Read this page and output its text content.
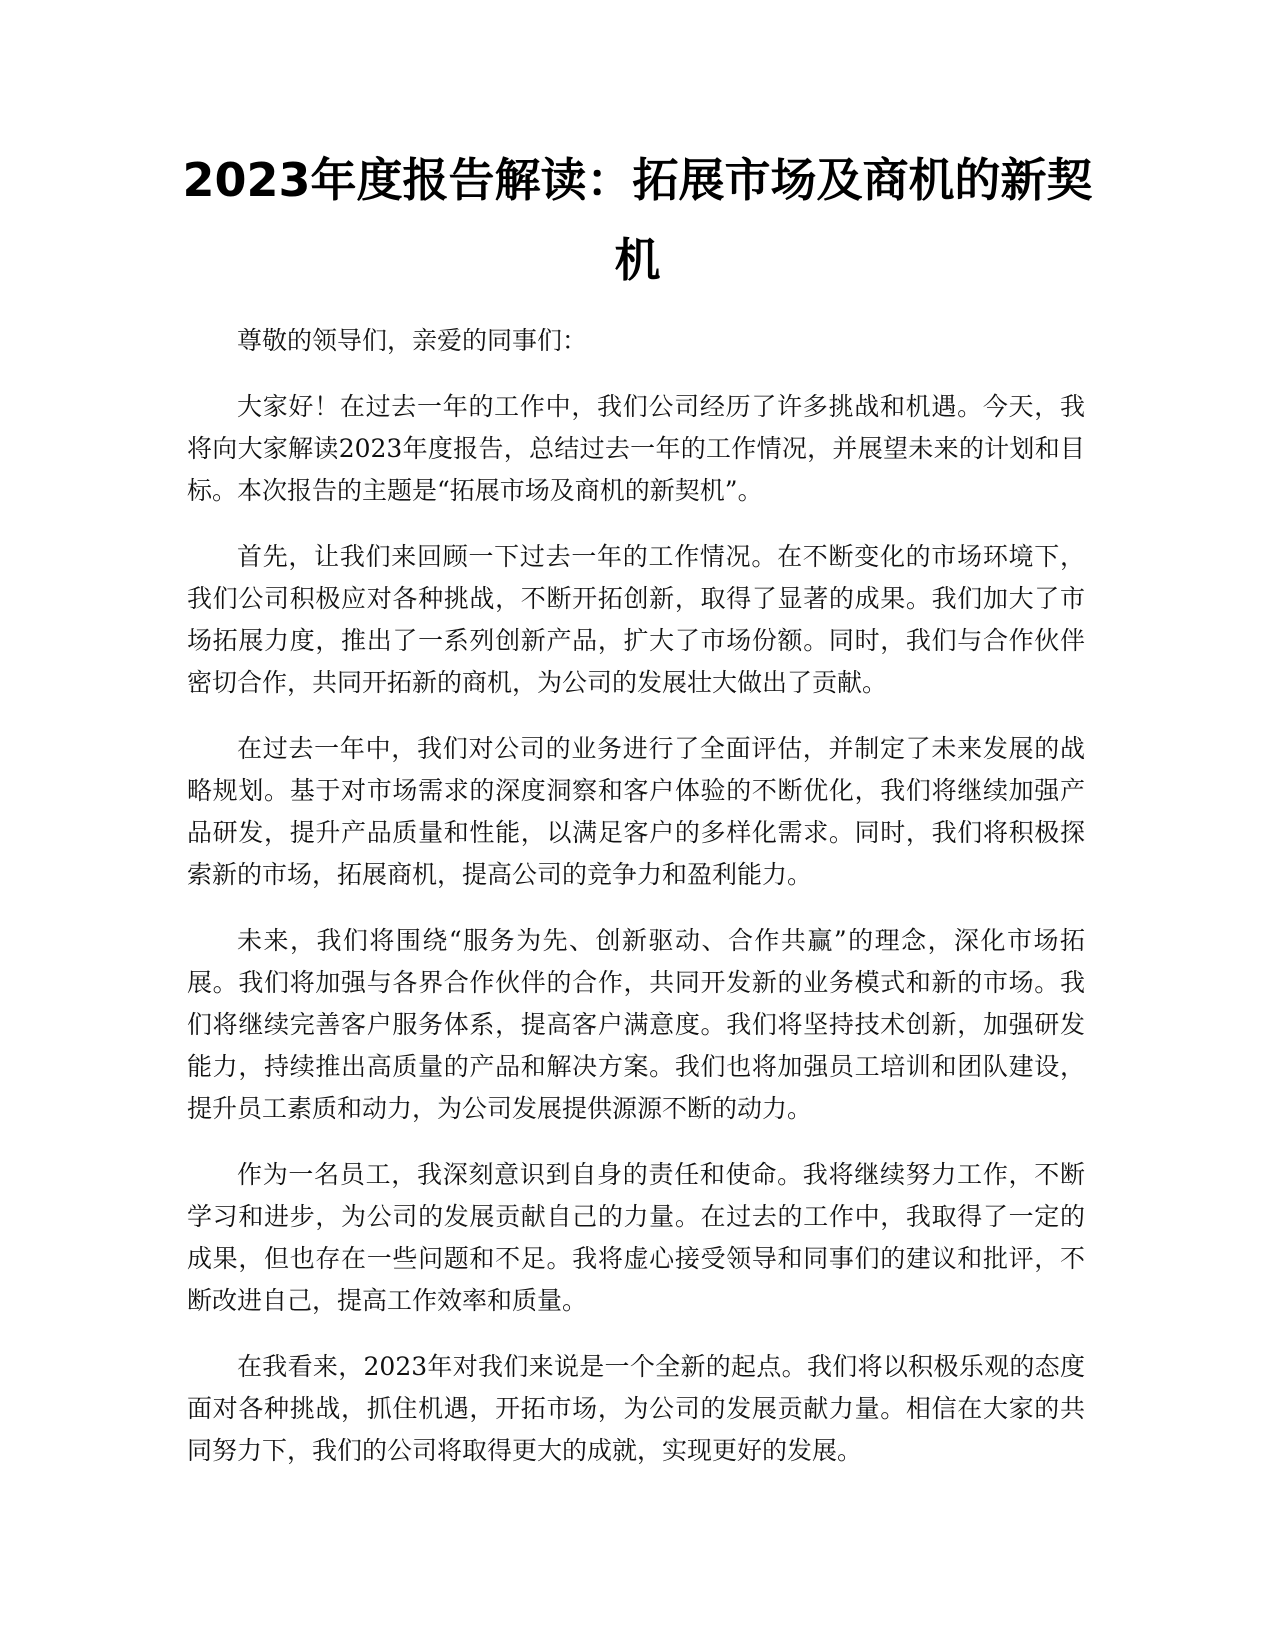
2023年度报告解读：拓展市场及商机的新契机

尊敬的领导们，亲爱的同事们：

大家好！在过去一年的工作中，我们公司经历了许多挑战和机遇。今天，我将向大家解读2023年度报告，总结过去一年的工作情况，并展望未来的计划和目标。本次报告的主题是“拓展市场及商机的新契机”。

首先，让我们来回顾一下过去一年的工作情况。在不断变化的市场环境下，我们公司积极应对各种挑战，不断开拓创新，取得了显著的成果。我们加大了市场拓展力度，推出了一系列创新产品，扩大了市场份额。同时，我们与合作伙伴密切合作，共同开拓新的商机，为公司的发展壮大做出了贡献。

在过去一年中，我们对公司的业务进行了全面评估，并制定了未来发展的战略规划。基于对市场需求的深度洞察和客户体验的不断优化，我们将继续加强产品研发，提升产品质量和性能，以满足客户的多样化需求。同时，我们将积极探索新的市场，拓展商机，提高公司的竞争力和盈利能力。

未来，我们将围绕“服务为先、创新驱动、合作共赢”的理念，深化市场拓展。我们将加强与各界合作伙伴的合作，共同开发新的业务模式和新的市场。我们将继续完善客户服务体系，提高客户满意度。我们将坚持技术创新，加强研发能力，持续推出高质量的产品和解决方案。我们也将加强员工培训和团队建设，提升员工素质和动力，为公司发展提供源源不断的动力。

作为一名员工，我深刻意识到自身的责任和使命。我将继续努力工作，不断学习和进步，为公司的发展贡献自己的力量。在过去的工作中，我取得了一定的成果，但也存在一些问题和不足。我将虚心接受领导和同事们的建议和批评，不断改进自己，提高工作效率和质量。

在我看来，2023年对我们来说是一个全新的起点。我们将以积极乐观的态度面对各种挑战，抓住机遇，开拓市场，为公司的发展贡献力量。相信在大家的共同努力下，我们的公司将取得更大的成就，实现更好的发展。
